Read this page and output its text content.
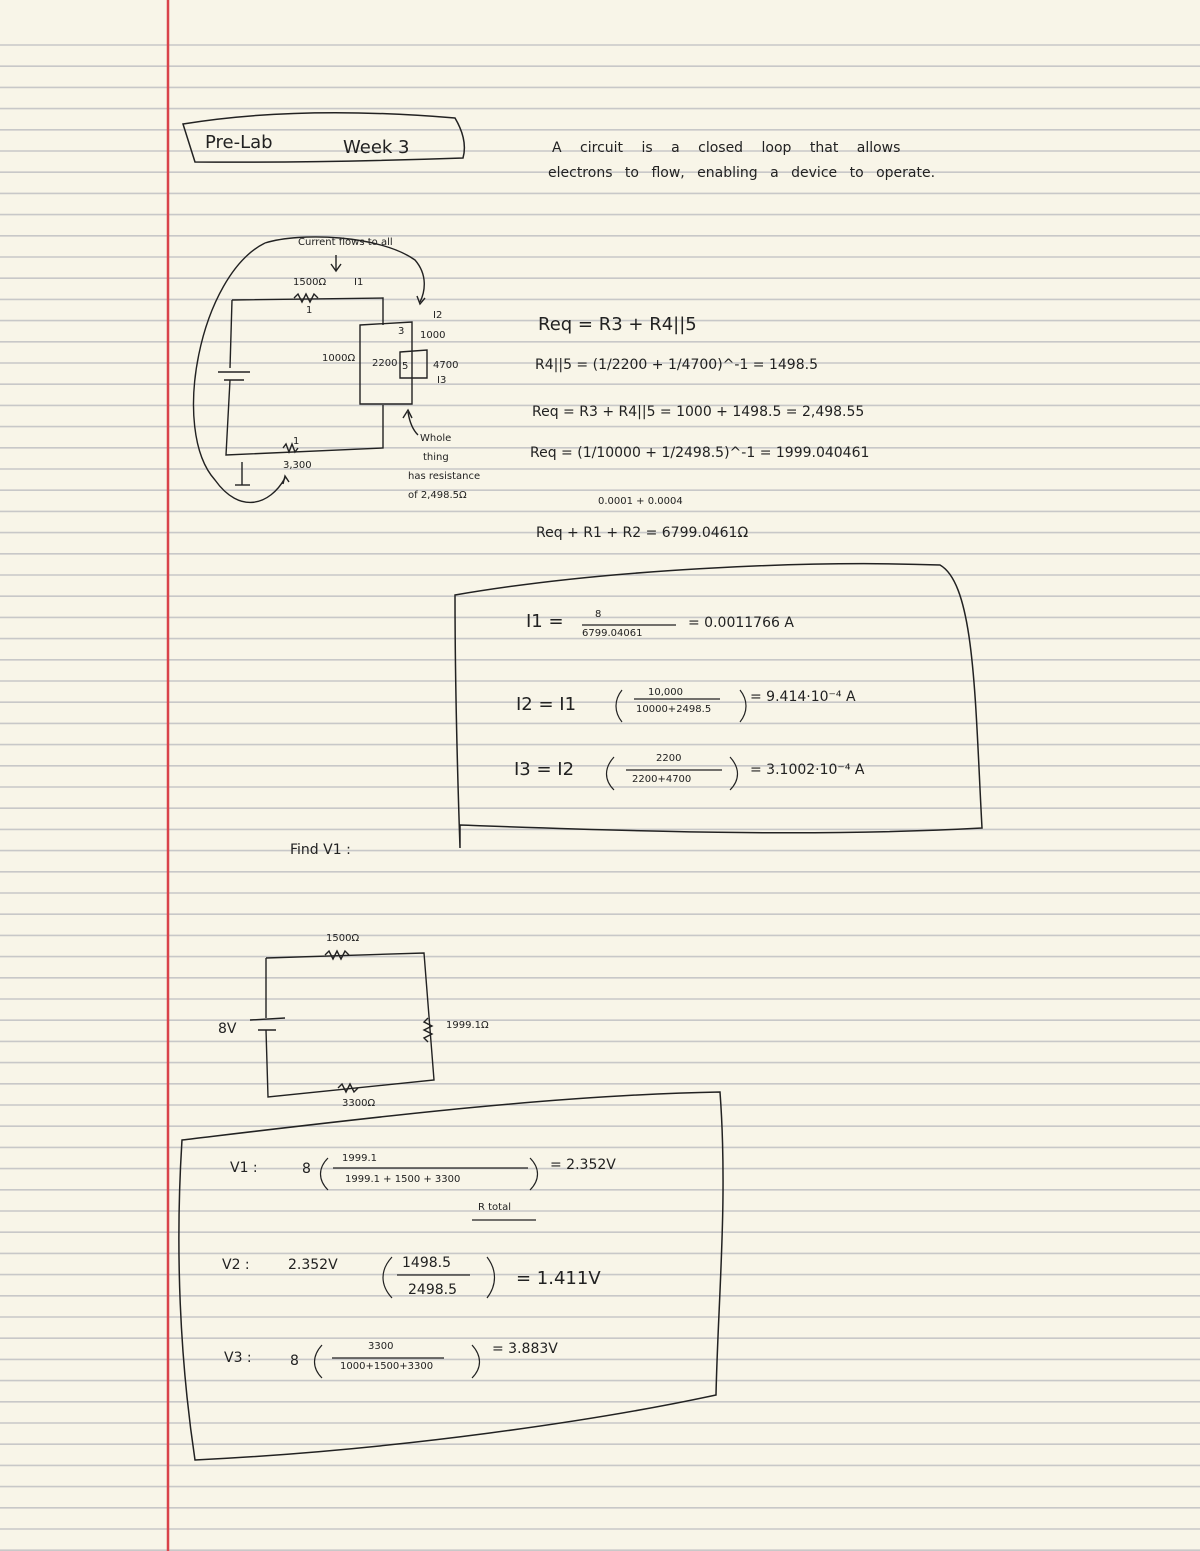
Pre-Lab	Week 3	A circuit is a closed loop that allows
electrons to flow, enabling a device to operate.
Current flows to all
1500Ω	I1
1	I2
3 1000
1000Ω 2200 5 4700
I3
1
3,300
Whole
thing
has resistance
of 2,498.5Ω
Req = R3 + R4||5
R4||5 = (1/2200 + 1/4700)^-1 = 1498.5
Req = R3 + R4||5 = 1000 + 1498.5 = 2,498.55
Req = (1/10000 + 1/2498.5)^-1 = 1999.040461
0.0001 + 0.0004
Req + R1 + R2 = 6799.0461Ω
I1 =	8
6799.04061
= 0.0011766 A
I2 = I1
10,000
10000+2498.5
= 9.414·10⁻⁴ A
I3 = I2
2200
2200+4700
= 3.1002·10⁻⁴ A
Find V1 :
1500Ω
8V	1999.1Ω
3300Ω
V1 :	8
1999.1
1999.1 + 1500 + 3300
= 2.352V
R total
V2 :	2.352V	1498.5
2498.5
= 1.411V
V3 :	8
3300
1000+1500+3300
= 3.883V
